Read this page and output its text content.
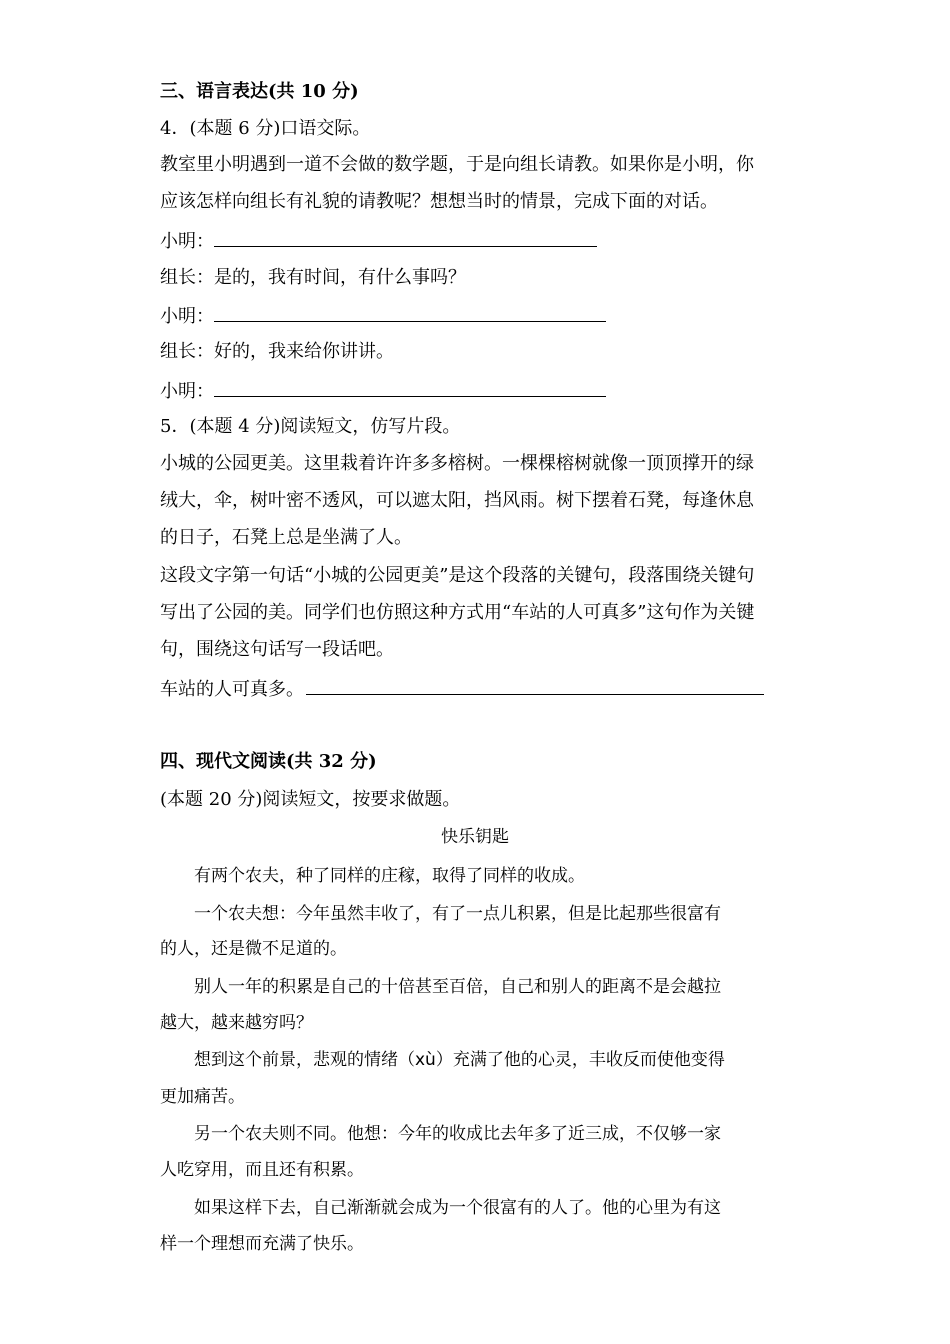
三、语言表达(共 10 分)
4．(本题 6 分)口语交际。
教室里小明遇到一道不会做的数学题，于是向组长请教。如果你是小明，你
应该怎样向组长有礼貌的请教呢？想想当时的情景，完成下面的对话。
小明：
组长：是的，我有时间，有什么事吗？
小明：
组长：好的，我来给你讲讲。
小明：
5．(本题 4 分)阅读短文，仿写片段。
小城的公园更美。这里栽着许许多多榕树。一棵棵榕树就像一顶顶撑开的绿
绒大，伞，树叶密不透风，可以遮太阳，挡风雨。树下摆着石凳，每逢休息
的日子，石凳上总是坐满了人。
这段文字第一句话“小城的公园更美”是这个段落的关键句，段落围绕关键句
写出了公园的美。同学们也仿照这种方式用“车站的人可真多”这句作为关键
句，围绕这句话写一段话吧。
车站的人可真多。
四、现代文阅读(共 32 分)
(本题 20 分)阅读短文，按要求做题。
快乐钥匙
有两个农夫，种了同样的庄稼，取得了同样的收成。
一个农夫想：今年虽然丰收了，有了一点儿积累，但是比起那些很富有
的人，还是微不足道的。
别人一年的积累是自己的十倍甚至百倍，自己和别人的距离不是会越拉
越大，越来越穷吗？
想到这个前景，悲观的情绪（xù）充满了他的心灵，丰收反而使他变得
更加痛苦。
另一个农夫则不同。他想：今年的收成比去年多了近三成，不仅够一家
人吃穿用，而且还有积累。
如果这样下去，自己渐渐就会成为一个很富有的人了。他的心里为有这
样一个理想而充满了快乐。
